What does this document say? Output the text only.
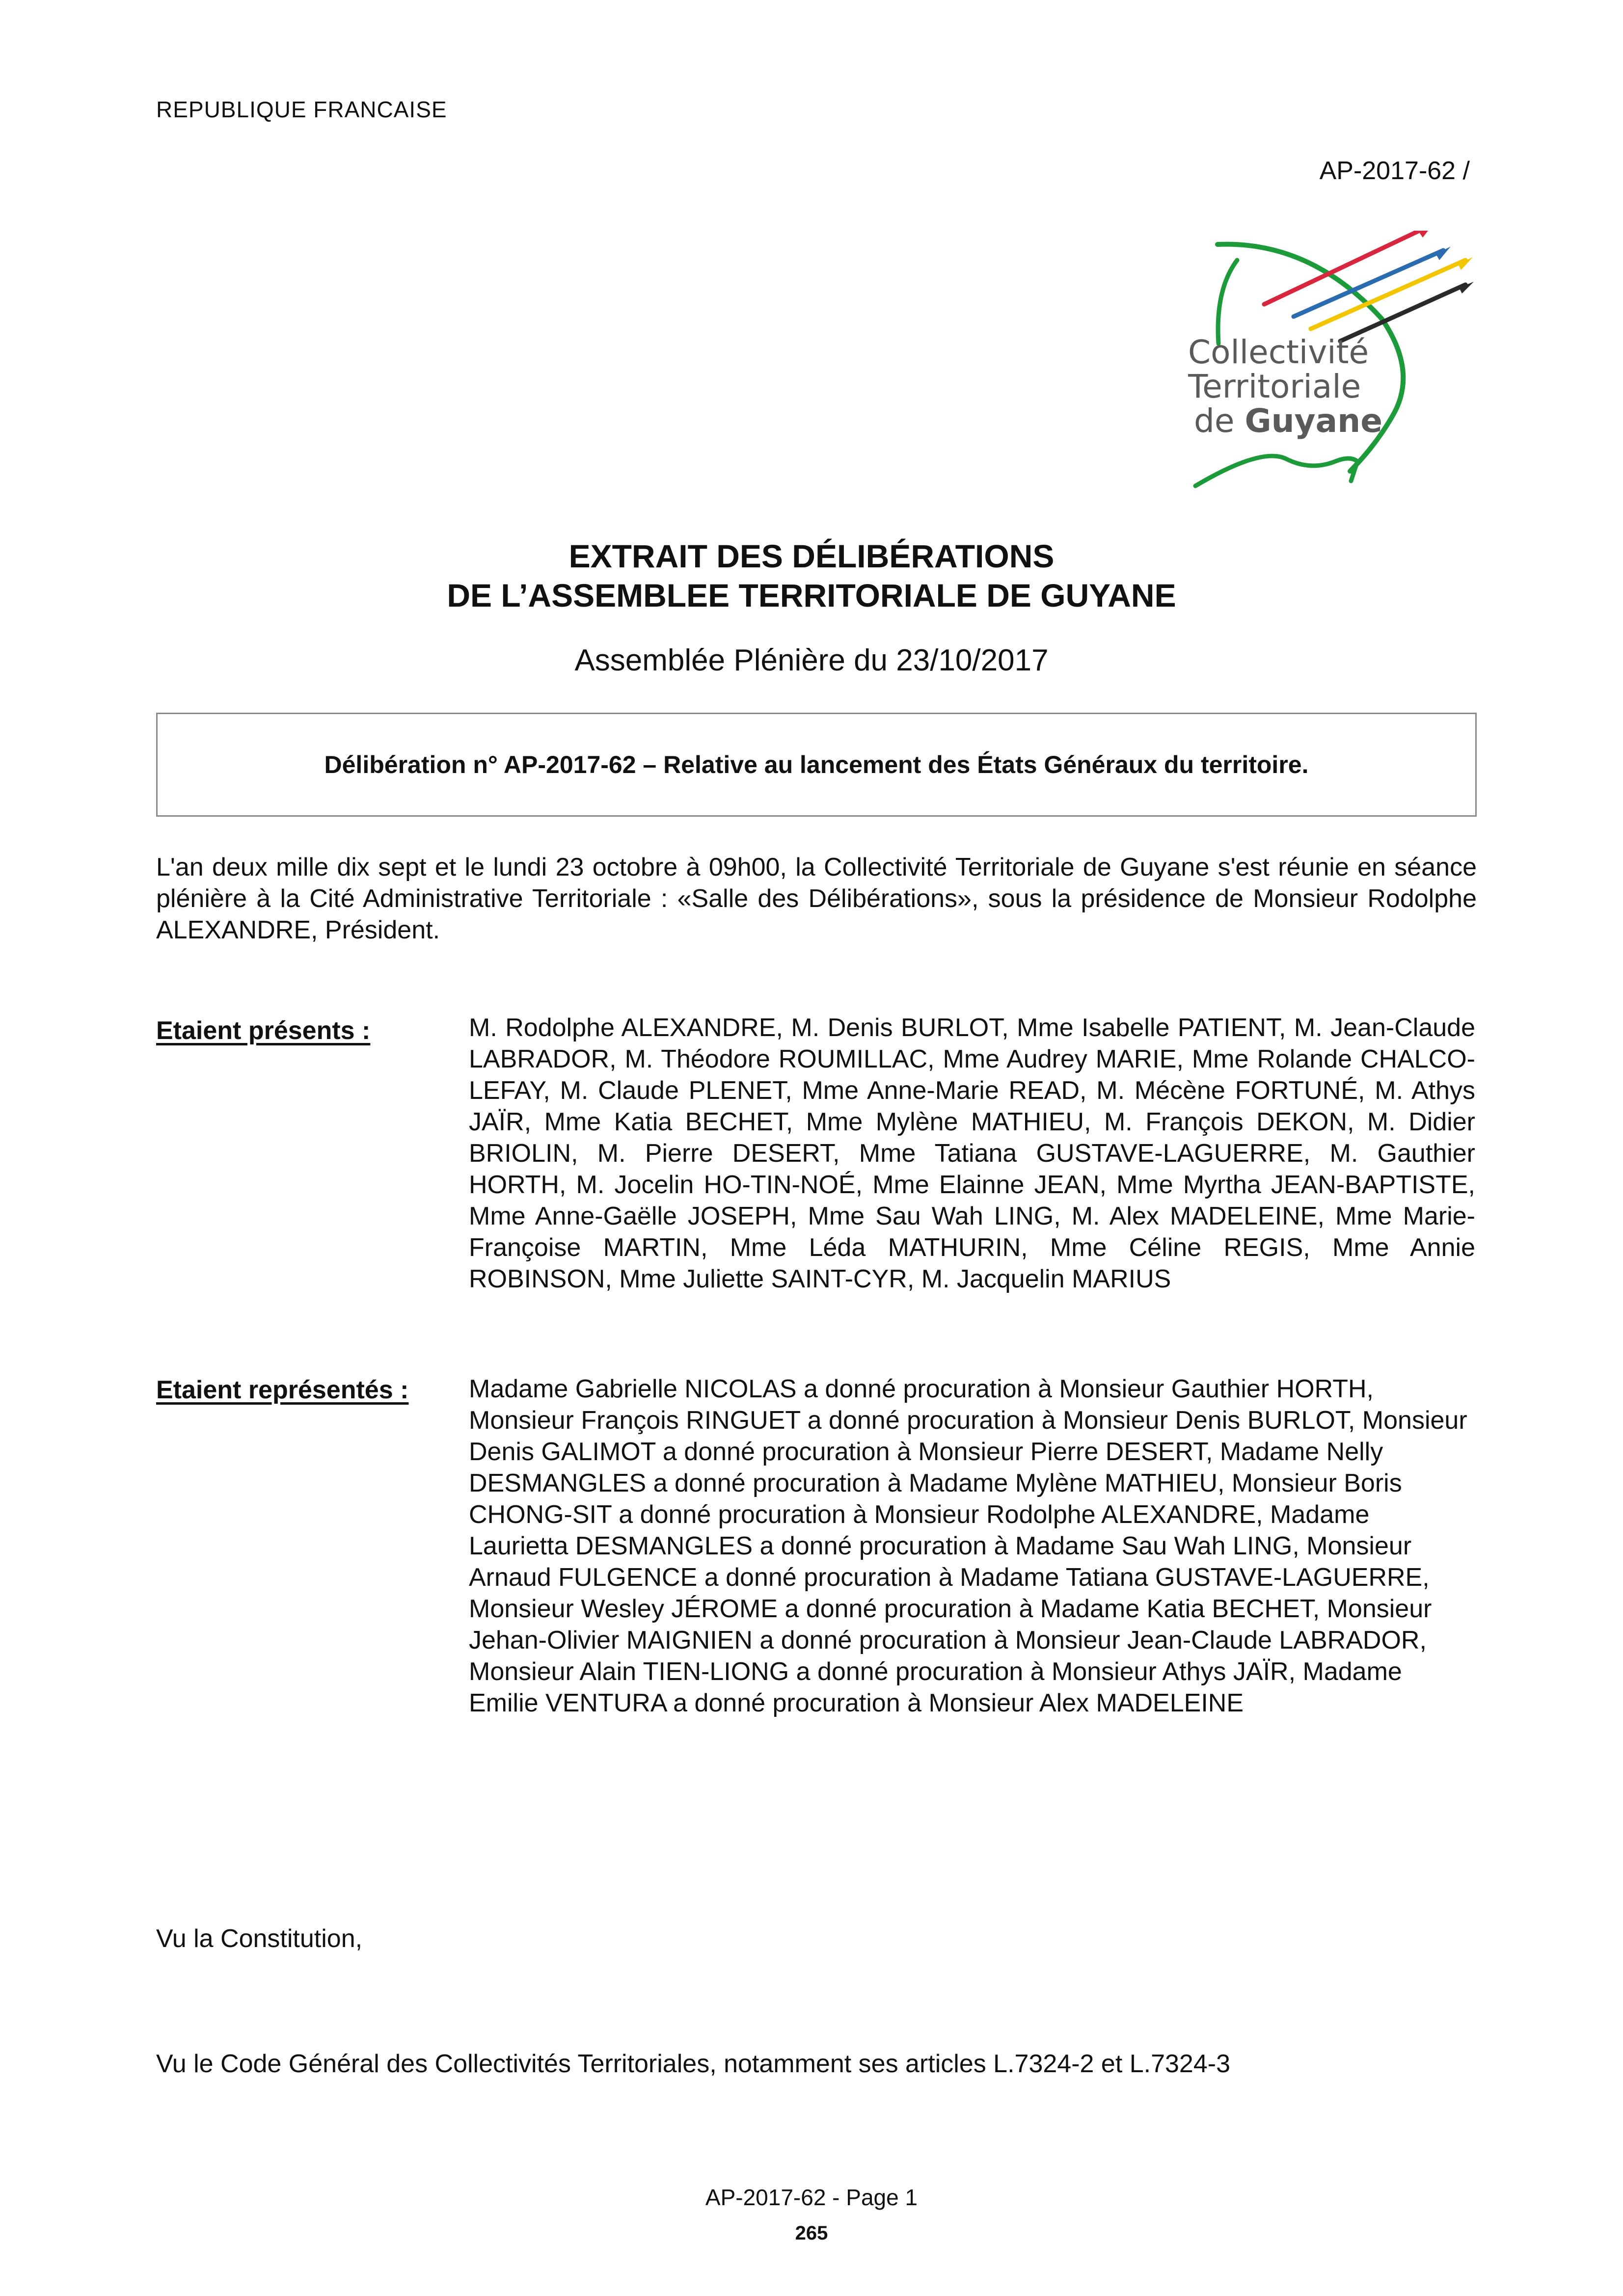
REPUBLIQUE FRANCAISE
AP-2017-62 /
Collectivité
Territoriale
de Guyane
EXTRAIT DES DÉLIBÉRATIONS
DE L’ASSEMBLEE TERRITORIALE DE GUYANE
Assemblée Plénière du 23/10/2017
Délibération n° AP-2017-62 – Relative au lancement des États Généraux du territoire.
L'an deux mille dix sept et le lundi 23 octobre à 09h00, la Collectivité Territoriale de Guyane s'est réunie en séance plénière à la Cité Administrative Territoriale : «Salle des Délibérations», sous la présidence de Monsieur Rodolphe ALEXANDRE, Président.
Etaient présents :	M. Rodolphe ALEXANDRE, M. Denis BURLOT, Mme Isabelle PATIENT, M. Jean-Claude LABRADOR, M. Théodore ROUMILLAC, Mme Audrey MARIE, Mme Rolande CHALCO-LEFAY, M. Claude PLENET, Mme Anne-Marie READ, M. Mécène FORTUNÉ, M. Athys JAÏR, Mme Katia BECHET, Mme Mylène MATHIEU, M. François DEKON, M. Didier BRIOLIN, M. Pierre DESERT, Mme Tatiana GUSTAVE-LAGUERRE, M. Gauthier HORTH, M. Jocelin HO-TIN-NOÉ, Mme Elainne JEAN, Mme Myrtha JEAN-BAPTISTE, Mme Anne-Gaëlle JOSEPH, Mme Sau Wah LING, M. Alex MADELEINE, Mme Marie-Françoise MARTIN, Mme Léda MATHURIN, Mme Céline REGIS, Mme Annie ROBINSON, Mme Juliette SAINT-CYR, M. Jacquelin MARIUS
Etaient représentés : Madame Gabrielle NICOLAS a donné procuration à Monsieur Gauthier HORTH, Monsieur François RINGUET a donné procuration à Monsieur Denis BURLOT, Monsieur Denis GALIMOT a donné procuration à Monsieur Pierre DESERT, Madame Nelly DESMANGLES a donné procuration à Madame Mylène MATHIEU, Monsieur Boris CHONG-SIT a donné procuration à Monsieur Rodolphe ALEXANDRE, Madame Laurietta DESMANGLES a donné procuration à Madame Sau Wah LING, Monsieur Arnaud FULGENCE a donné procuration à Madame Tatiana GUSTAVE-LAGUERRE, Monsieur Wesley JÉROME a donné procuration à Madame Katia BECHET, Monsieur Jehan-Olivier MAIGNIEN a donné procuration à Monsieur Jean-Claude LABRADOR, Monsieur Alain TIEN-LIONG a donné procuration à Monsieur Athys JAÏR, Madame Emilie VENTURA a donné procuration à Monsieur Alex MADELEINE
Vu la Constitution,
Vu le Code Général des Collectivités Territoriales, notamment ses articles L.7324-2 et L.7324-3
AP-2017-62 - Page 1
265
